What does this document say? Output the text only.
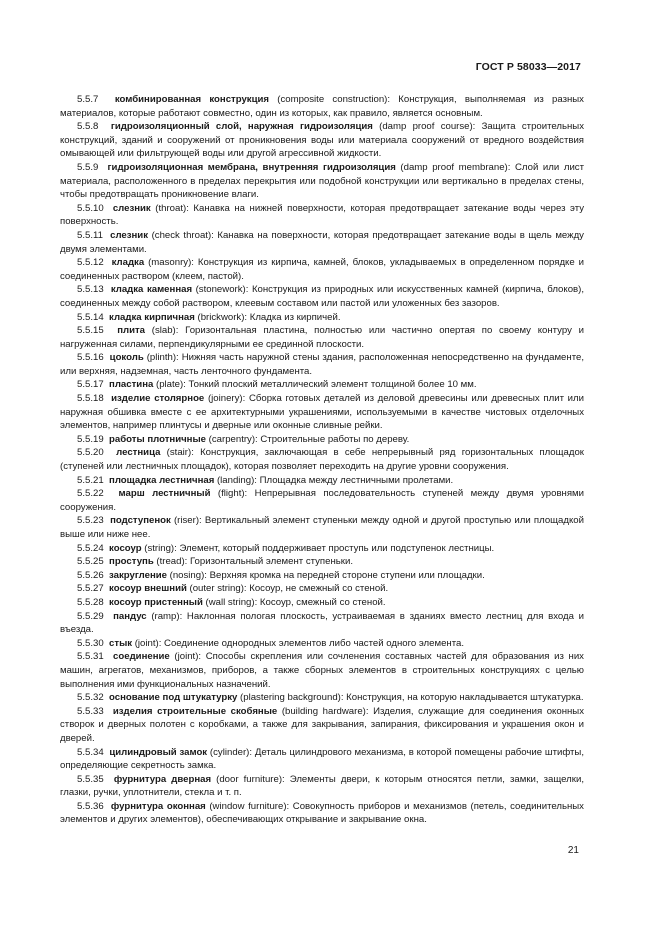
ГОСТ Р 58033—2017

5.5.7 комбинированная конструкция (composite construction): Конструкция, выполняемая из разных материалов, которые работают совместно, один из которых, как правило, является основным.

5.5.8 гидроизоляционный слой, наружная гидроизоляция (damp proof course): Защита строительных конструкций, зданий и сооружений от проникновения воды или материала сооружений от вредного воздействия омывающей или фильтрующей воды или другой агрессивной жидкости.

5.5.9 гидроизоляционная мембрана, внутренняя гидроизоляция (damp proof membrane): Слой или лист материала, расположенного в пределах перекрытия или подобной конструкции или вертикально в пределах стены, чтобы предотвращать проникновение влаги.

5.5.10 слезник (throat): Канавка на нижней поверхности, которая предотвращает затекание воды через эту поверхность.

5.5.11 слезник (check throat): Канавка на поверхности, которая предотвращает затекание воды в щель между двумя элементами.

5.5.12 кладка (masonry): Конструкция из кирпича, камней, блоков, укладываемых в определенном порядке и соединенных раствором (клеем, пастой).

5.5.13 кладка каменная (stonework): Конструкция из природных или искусственных камней (кирпича, блоков), соединенных между собой раствором, клеевым составом или пастой или уложенных без зазоров.

5.5.14 кладка кирпичная (brickwork): Кладка из кирпичей.

5.5.15 плита (slab): Горизонтальная пластина, полностью или частично опертая по своему контуру и нагруженная силами, перпендикулярными ее срединной плоскости.

5.5.16 цоколь (plinth): Нижняя часть наружной стены здания, расположенная непосредственно на фундаменте, или верхняя, надземная, часть ленточного фундамента.

5.5.17 пластина (plate): Тонкий плоский металлический элемент толщиной более 10 мм.

5.5.18 изделие столярное (joinery): Сборка готовых деталей из деловой древесины или древесных плит или наружная обшивка вместе с ее архитектурными украшениями, используемыми в качестве чистовых отделочных элементов, например плинтусы и дверные или оконные сливные рейки.

5.5.19 работы плотничные (carpentry): Строительные работы по дереву.

5.5.20 лестница (stair): Конструкция, заключающая в себе непрерывный ряд горизонтальных площадок (ступеней или лестничных площадок), которая позволяет переходить на другие уровни сооружения.

5.5.21 площадка лестничная (landing): Площадка между лестничными пролетами.

5.5.22 марш лестничный (flight): Непрерывная последовательность ступеней между двумя уровнями сооружения.

5.5.23 подступенок (riser): Вертикальный элемент ступеньки между одной и другой проступью или площадкой выше или ниже нее.

5.5.24 косоур (string): Элемент, который поддерживает проступь или подступенок лестницы.

5.5.25 проступь (tread): Горизонтальный элемент ступеньки.

5.5.26 закругление (nosing): Верхняя кромка на передней стороне ступени или площадки.

5.5.27 косоур внешний (outer string): Косоур, не смежный со стеной.

5.5.28 косоур пристенный (wall string): Косоур, смежный со стеной.

5.5.29 пандус (ramp): Наклонная пологая плоскость, устраиваемая в зданиях вместо лестниц для входа и въезда.

5.5.30 стык (joint): Соединение однородных элементов либо частей одного элемента.

5.5.31 соединение (joint): Способы скрепления или сочленения составных частей для образования из них машин, агрегатов, механизмов, приборов, а также сборных элементов в строительных конструкциях с целью выполнения ими функциональных назначений.

5.5.32 основание под штукатурку (plastering background): Конструкция, на которую накладывается штукатурка.

5.5.33 изделия строительные скобяные (building hardware): Изделия, служащие для соединения оконных створок и дверных полотен с коробками, а также для закрывания, запирания, фиксирования и украшения окон и дверей.

5.5.34 цилиндровый замок (cylinder): Деталь цилиндрового механизма, в которой помещены рабочие штифты, определяющие секретность замка.

5.5.35 фурнитура дверная (door furniture): Элементы двери, к которым относятся петли, замки, защелки, глазки, ручки, уплотнители, стекла и т. п.

5.5.36 фурнитура оконная (window furniture): Совокупность приборов и механизмов (петель, соединительных элементов и других элементов), обеспечивающих открывание и закрывание окна.

21
